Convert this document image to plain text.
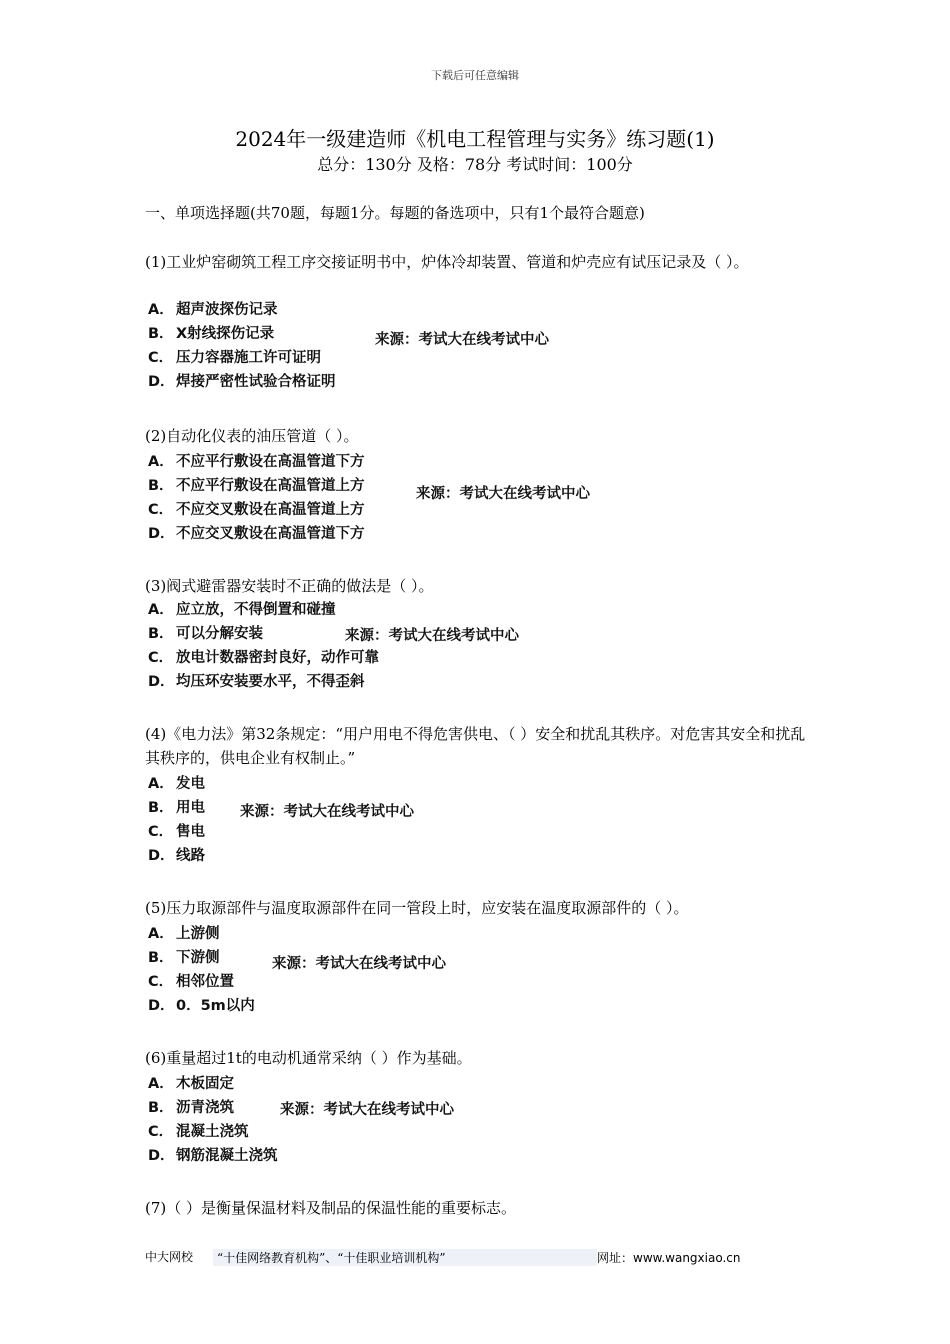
下载后可任意编辑
2024年一级建造师《机电工程管理与实务》练习题(1)
总分：130分 及格：78分 考试时间：100分
一、单项选择题(共70题，每题1分。每题的备选项中，只有1个最符合题意)
(1)工业炉窑砌筑工程工序交接证明书中，炉体冷却装置、管道和炉壳应有试压记录及（ ）。
A． 超声波探伤记录
B． X射线探伤记录
C． 压力容器施工许可证明
D．焊接严密性试验合格证明
来源：考试大在线考试中心
(2)自动化仪表的油压管道（ ）。
A． 不应平行敷设在高温管道下方
B． 不应平行敷设在高温管道上方
C． 不应交叉敷设在高温管道上方
D．不应交叉敷设在高温管道下方
来源：考试大在线考试中心
(3)阀式避雷器安装时不正确的做法是（ ）。
A． 应立放，不得倒置和碰撞
B． 可以分解安装
C． 放电计数器密封良好，动作可靠
D．均压环安装要水平，不得歪斜
来源：考试大在线考试中心
(4)《电力法》第32条规定：“用户用电不得危害供电、（ ）安全和扰乱其秩序。对危害其安全和扰乱其秩序的，供电企业有权制止。”
A． 发电
B． 用电
C． 售电
D．线路
来源：考试大在线考试中心
(5)压力取源部件与温度取源部件在同一管段上时，应安装在温度取源部件的（ ）。
A． 上游侧
B． 下游侧
C． 相邻位置
D．0．5m以内
来源：考试大在线考试中心
(6)重量超过1t的电动机通常采纳（ ）作为基础。
A． 木板固定
B． 沥青浇筑
C． 混凝土浇筑
D．钢筋混凝土浇筑
来源：考试大在线考试中心
(7)（ ）是衡量保温材料及制品的保温性能的重要标志。
中大网校	“十佳网络教育机构”、“十佳职业培训机构”	网址：www.wangxiao.cn
